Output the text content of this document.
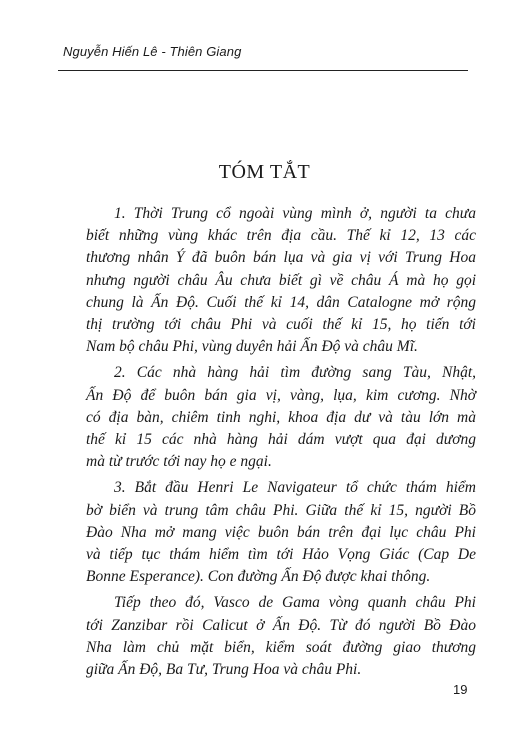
Nguyễn Hiến Lê - Thiên Giang
TÓM TẮT

1. Thời Trung cổ ngoài vùng mình ở, người ta chưa
biết những vùng khác trên địa cầu. Thế kỉ 12, 13 các
thương nhân Ý đã buôn bán lụa và gia vị với Trung Hoa
nhưng người châu Âu chưa biết gì về châu Á mà họ gọi
chung là Ấn Độ. Cuối thế kỉ 14, dân Catalogne mở rộng
thị trường tới châu Phi và cuối thế kỉ 15, họ tiến tới
Nam bộ châu Phi, vùng duyên hải Ấn Độ và châu Mĩ.

2. Các nhà hàng hải tìm đường sang Tàu, Nhật,
Ấn Độ để buôn bán gia vị, vàng, lụa, kim cương. Nhờ
có địa bàn, chiêm tinh nghi, khoa địa dư và tàu lớn mà
thế kỉ 15 các nhà hàng hải dám vượt qua đại dương
mà từ trước tới nay họ e ngại.

3. Bắt đầu Henri Le Navigateur tổ chức thám hiểm
bờ biển và trung tâm châu Phi. Giữa thế kỉ 15, người Bồ
Đào Nha mở mang việc buôn bán trên đại lục châu Phi
và tiếp tục thám hiểm tìm tới Hảo Vọng Giác (Cap De
Bonne Esperance). Con đường Ấn Độ được khai thông.

Tiếp theo đó, Vasco de Gama vòng quanh châu Phi
tới Zanzibar rồi Calicut ở Ấn Độ. Từ đó người Bồ Đào
Nha làm chủ mặt biển, kiểm soát đường giao thương
giữa Ấn Độ, Ba Tư, Trung Hoa và châu Phi.

19
